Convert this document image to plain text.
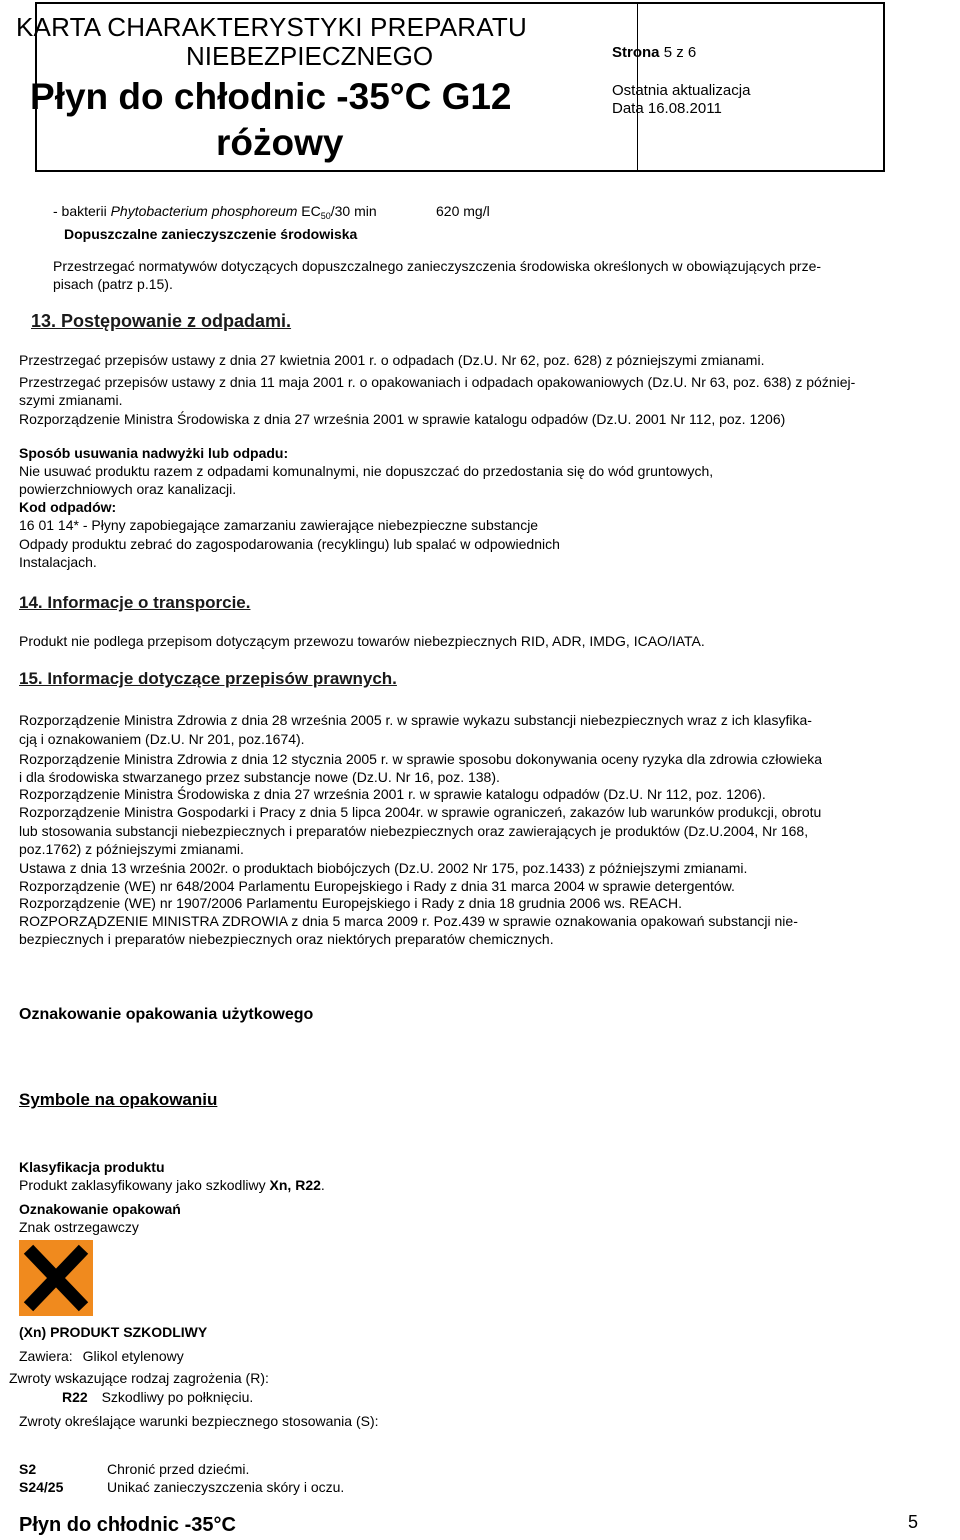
KARTA CHARAKTERYSTYKI PREPARATU
NIEBEZPIECZNEGO
Płyn do chłodnic -35°C G12
różowy
Strona 5 z 6
Ostatnia aktualizacja
Data 16.08.2011
- bakterii Phytobacterium phosphoreum $EC_{50}/30$ min	620 mg/l
Dopuszczalne zanieczyszczenie środowiska
Przestrzegać normatywów dotyczących dopuszczalnego zanieczyszczenia środowiska określonych w obowiązujących prze-
pisach (patrz p.15).
13. Postępowanie z odpadami.
Przestrzegać przepisów ustawy z dnia 27 kwietnia 2001 r. o odpadach (Dz.U. Nr 62, poz. 628) z pózniejszymi zmianami.
Przestrzegać przepisów ustawy z dnia 11 maja 2001 r. o opakowaniach i odpadach opakowaniowych (Dz.U. Nr 63, poz. 638) z później-
szymi zmianami.
Rozporządzenie Ministra Środowiska z dnia 27 września 2001 w sprawie katalogu odpadów (Dz.U. 2001 Nr 112, poz. 1206)
Sposób usuwania nadwyżki lub odpadu:
Nie usuwać produktu razem z odpadami komunalnymi, nie dopuszczać do przedostania się do wód gruntowych,
powierzchniowych oraz kanalizacji.
Kod odpadów:
16 01 14* - Płyny zapobiegające zamarzaniu zawierające niebezpieczne substancje
Odpady produktu zebrać do zagospodarowania (recyklingu) lub spalać w odpowiednich
Instalacjach.
14. Informacje o transporcie.
Produkt nie podlega przepisom dotyczącym przewozu towarów niebezpiecznych RID, ADR, IMDG, ICAO/IATA.
15. Informacje dotyczące przepisów prawnych.
Rozporządzenie Ministra Zdrowia z dnia 28 września 2005 r. w sprawie wykazu substancji niebezpiecznych wraz z ich klasyfika-
cją i oznakowaniem (Dz.U. Nr 201, poz.1674).
Rozporządzenie Ministra Zdrowia z dnia 12 stycznia 2005 r. w sprawie sposobu dokonywania oceny ryzyka dla zdrowia człowieka
i dla środowiska stwarzanego przez substancje nowe (Dz.U. Nr 16, poz. 138).
Rozporządzenie Ministra Środowiska z dnia 27 września 2001 r. w sprawie katalogu odpadów (Dz.U. Nr 112, poz. 1206).
Rozporządzenie Ministra Gospodarki i Pracy z dnia 5 lipca 2004r. w sprawie ograniczeń, zakazów lub warunków produkcji, obrotu
lub stosowania substancji niebezpiecznych i preparatów niebezpiecznych oraz zawierających je produktów (Dz.U.2004, Nr 168,
poz.1762) z późniejszymi zmianami.
Ustawa z dnia 13 września 2002r. o produktach biobójczych (Dz.U. 2002 Nr 175, poz.1433) z późniejszymi zmianami.
Rozporządzenie (WE) nr 648/2004 Parlamentu Europejskiego i Rady z dnia 31 marca 2004 w sprawie detergentów.
Rozporządzenie (WE) nr 1907/2006 Parlamentu Europejskiego i Rady z dnia 18 grudnia 2006 ws. REACH.
ROZPORZĄDZENIE MINISTRA ZDROWIA z dnia 5 marca 2009 r. Poz.439 w sprawie oznakowania opakowań substancji nie-
bezpiecznych i preparatów niebezpiecznych oraz niektórych preparatów chemicznych.
Oznakowanie opakowania użytkowego
Symbole na opakowaniu
Klasyfikacja produktu
Produkt zaklasyfikowany jako szkodliwy Xn, R22.
Oznakowanie opakowań
Znak ostrzegawczy
(Xn) PRODUKT SZKODLIWY
Zawiera: Glikol etylenowy
Zwroty wskazujące rodzaj zagrożenia (R):
R22 Szkodliwy po połknięciu.
Zwroty określające warunki bezpiecznego stosowania (S):
S2	Chronić przed dziećmi.
S24/25	Unikać zanieczyszczenia skóry i oczu.
Płyn do chłodnic -35°C	5
